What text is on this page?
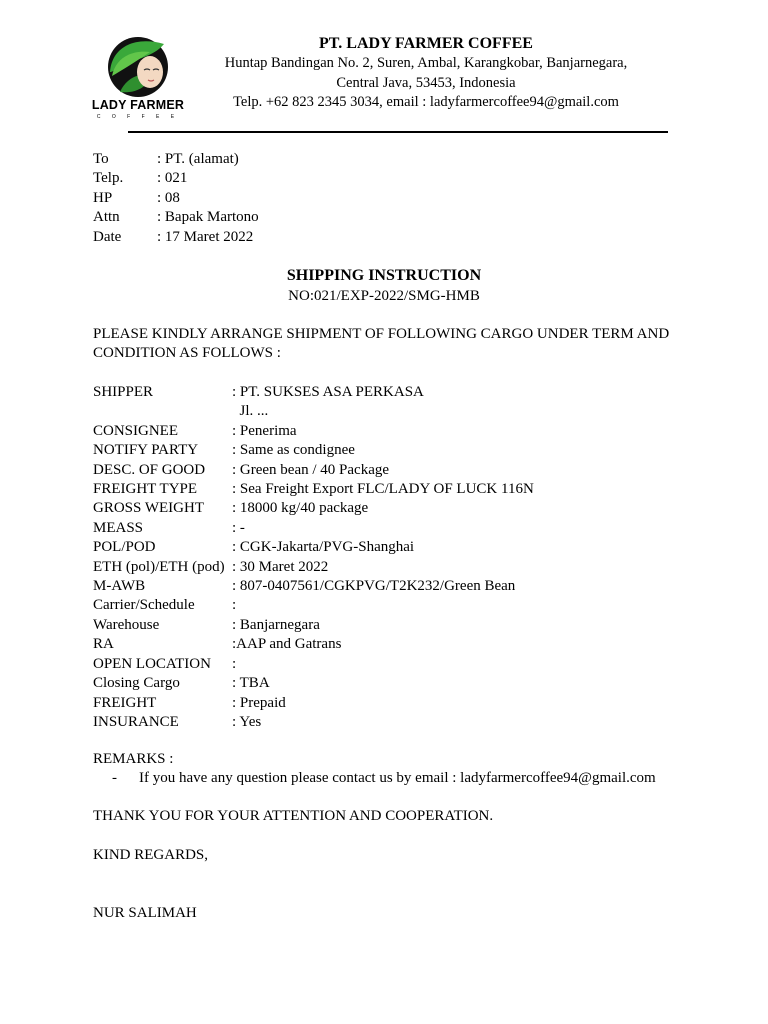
LADY FARMER
C O F F E E
PT. LADY FARMER COFFEE
Huntap Bandingan No. 2, Suren, Ambal, Karangkobar, Banjarnegara,
Central Java, 53453, Indonesia
Telp. +62 823 2345 3034, email : ladyfarmercoffee94@gmail.com
To	: PT. (alamat)
Telp.	: 021
HP	: 08
Attn	: Bapak Martono
Date	: 17 Maret 2022
SHIPPING INSTRUCTION
NO:021/EXP-2022/SMG-HMB
PLEASE KINDLY ARRANGE SHIPMENT OF FOLLOWING CARGO UNDER TERM AND CONDITION AS FOLLOWS :
SHIPPER	: PT. SUKSES ASA PERKASA
Jl. ...
CONSIGNEE	: Penerima
NOTIFY PARTY	: Same as condignee
DESC. OF GOOD	: Green bean / 40 Package
FREIGHT TYPE	: Sea Freight Export FLC/LADY OF LUCK 116N
GROSS WEIGHT	: 18000 kg/40 package
MEASS	: -
POL/POD	: CGK-Jakarta/PVG-Shanghai
ETH (pol)/ETH (pod) : 30 Maret 2022
M-AWB	: 807-0407561/CGKPVG/T2K232/Green Bean
Carrier/Schedule	:
Warehouse	: Banjarnegara
RA	:AAP and Gatrans
OPEN LOCATION	:
Closing Cargo	: TBA
FREIGHT	: Prepaid
INSURANCE	: Yes
REMARKS :
- If you have any question please contact us by email : ladyfarmercoffee94@gmail.com
THANK YOU FOR YOUR ATTENTION AND COOPERATION.
KIND REGARDS,
NUR SALIMAH
